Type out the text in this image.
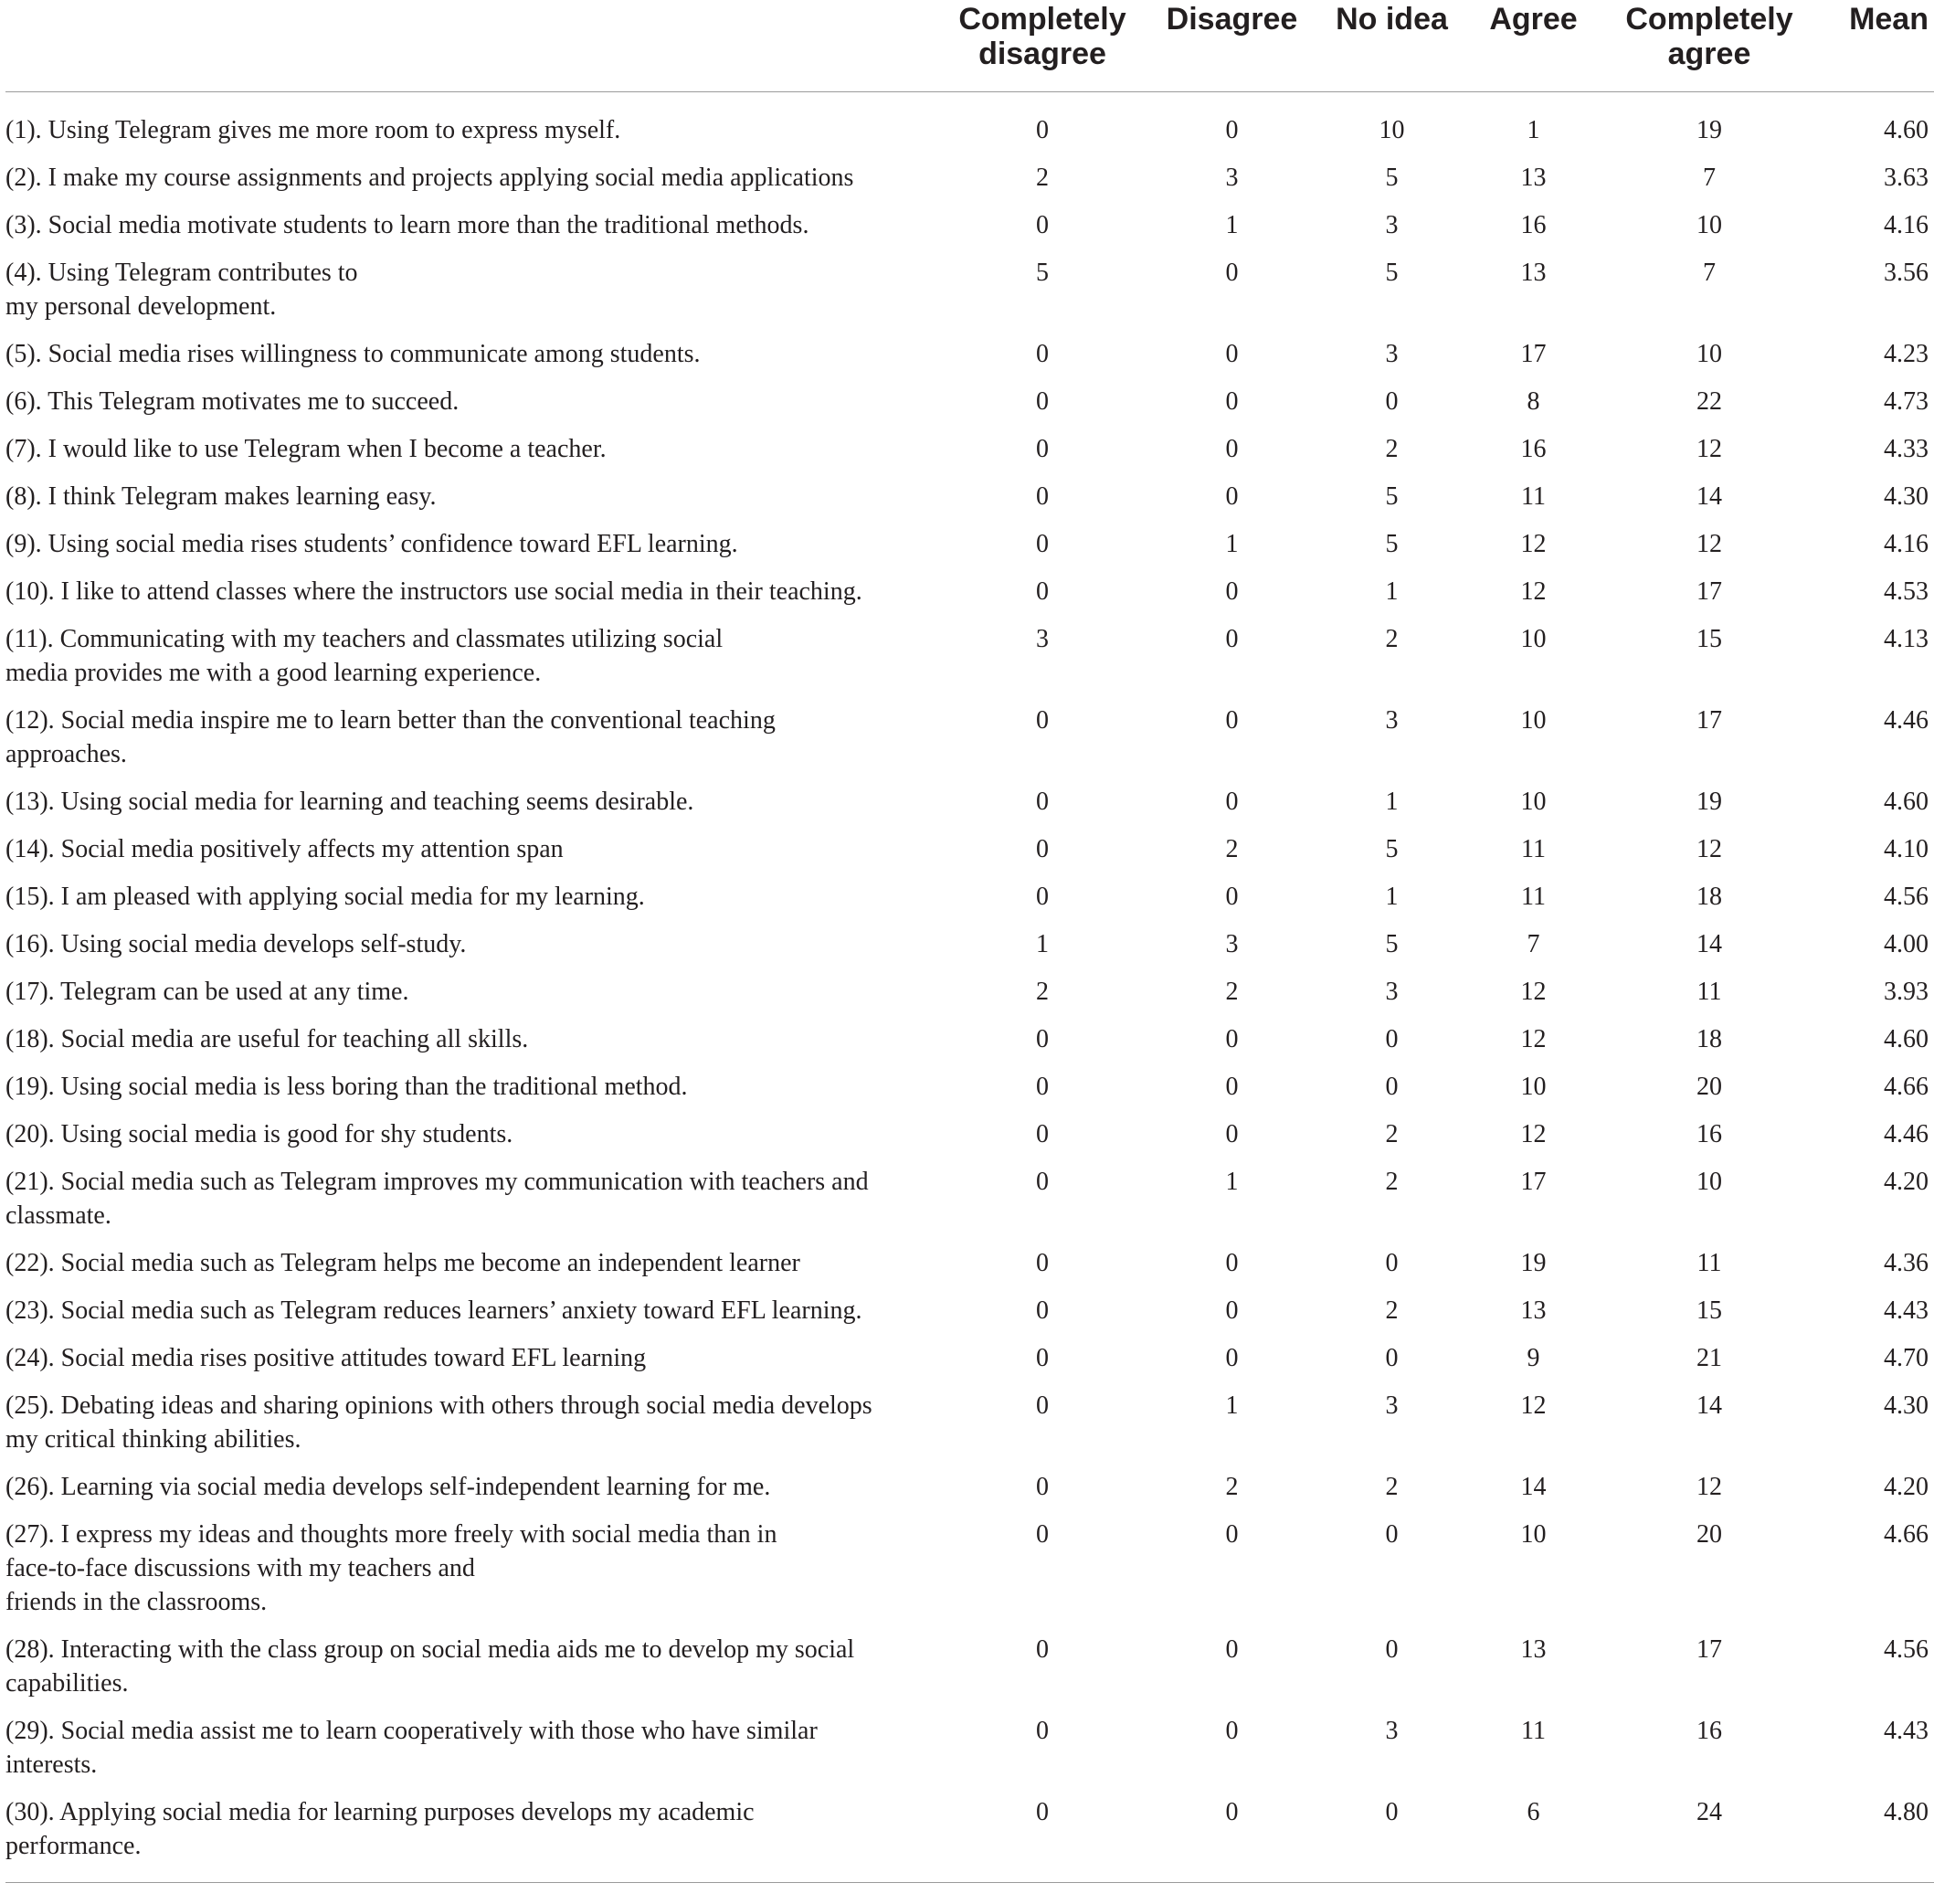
Completely
disagree
Disagree	No idea	Agree	Completely
agree
Mean
(1). Using Telegram gives me more room to express myself.	0	0	10	1	19	4.60
(2). I make my course assignments and projects applying social media applications	2	3	5	13	7	3.63
(3). Social media motivate students to learn more than the traditional methods.	0	1	3	16	10	4.16
(4). Using Telegram contributes to
my personal development.
5	0	5	13	7	3.56
(5). Social media rises willingness to communicate among students.	0	0	3	17	10	4.23
(6). This Telegram motivates me to succeed.	0	0	0	8	22	4.73
(7). I would like to use Telegram when I become a teacher.	0	0	2	16	12	4.33
(8). I think Telegram makes learning easy.	0	0	5	11	14	4.30
(9). Using social media rises students’ confidence toward EFL learning.	0	1	5	12	12	4.16
(10). I like to attend classes where the instructors use social media in their teaching.	0	0	1	12	17	4.53
(11). Communicating with my teachers and classmates utilizing social
media provides me with a good learning experience.
3	0	2	10	15	4.13
(12). Social media inspire me to learn better than the conventional teaching
approaches.
0	0	3	10	17	4.46
(13). Using social media for learning and teaching seems desirable.	0	0	1	10	19	4.60
(14). Social media positively affects my attention span	0	2	5	11	12	4.10
(15). I am pleased with applying social media for my learning.	0	0	1	11	18	4.56
(16). Using social media develops self-study.	1	3	5	7	14	4.00
(17). Telegram can be used at any time.	2	2	3	12	11	3.93
(18). Social media are useful for teaching all skills.	0	0	0	12	18	4.60
(19). Using social media is less boring than the traditional method.	0	0	0	10	20	4.66
(20). Using social media is good for shy students.	0	0	2	12	16	4.46
(21). Social media such as Telegram improves my communication with teachers and
classmate.
0	1	2	17	10	4.20
(22). Social media such as Telegram helps me become an independent learner	0	0	0	19	11	4.36
(23). Social media such as Telegram reduces learners’ anxiety toward EFL learning.	0	0	2	13	15	4.43
(24). Social media rises positive attitudes toward EFL learning	0	0	0	9	21	4.70
(25). Debating ideas and sharing opinions with others through social media develops
my critical thinking abilities.
0	1	3	12	14	4.30
(26). Learning via social media develops self-independent learning for me.	0	2	2	14	12	4.20
(27). I express my ideas and thoughts more freely with social media than in
face-to-face discussions with my teachers and
friends in the classrooms.
0	0	0	10	20	4.66
(28). Interacting with the class group on social media aids me to develop my social
capabilities.
0	0	0	13	17	4.56
(29). Social media assist me to learn cooperatively with those who have similar
interests.
0	0	3	11	16	4.43
(30). Applying social media for learning purposes develops my academic
performance.
0	0	0	6	24	4.80
